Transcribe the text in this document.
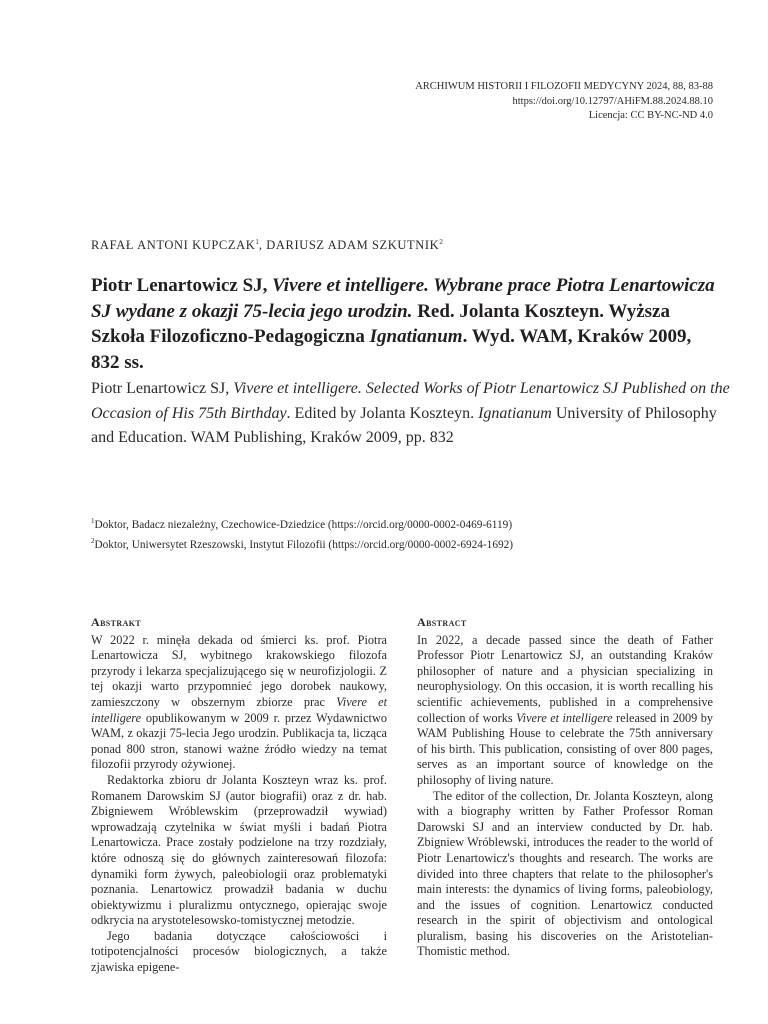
ARCHIWUM HISTORII I FILOZOFII MEDYCYNY 2024, 88, 83-88
https://doi.org/10.12797/AHiFM.88.2024.88.10
Licencja: CC BY-NC-ND 4.0
RAFAŁ ANTONI KUPCZAK$^1$, DARIUSZ ADAM SZKUTNIK$^2$
Piotr Lenartowicz SJ, Vivere et intelligere. Wybrane prace Piotra Lenartowicza SJ wydane z okazji 75-lecia jego urodzin. Red. Jolanta Koszteyn. Wyższa Szkoła Filozoficzno-Pedagogiczna Ignatianum. Wyd. WAM, Kraków 2009, 832 ss.
Piotr Lenartowicz SJ, Vivere et intelligere. Selected Works of Piotr Lenartowicz SJ Published on the Occasion of His 75th Birthday. Edited by Jolanta Koszteyn. Ignatianum University of Philosophy and Education. WAM Publishing, Kraków 2009, pp. 832
$^1$Doktor, Badacz niezależny, Czechowice-Dziedzice (https://orcid.org/0000-0002-0469-6119)
$^2$Doktor, Uniwersytet Rzeszowski, Instytut Filozofii (https://orcid.org/0000-0002-6924-1692)
Abstrakt

W 2022 r. minęła dekada od śmierci ks. prof. Piotra Lenartowicza SJ, wybitnego krakowskiego filozofa przyrody i lekarza specjalizującego się w neurofizjologii. Z tej okazji warto przypomnieć jego dorobek naukowy, zamieszczony w obszernym zbiorze prac Vivere et intelligere opublikowanym w 2009 r. przez Wydawnictwo WAM, z okazji 75-lecia Jego urodzin. Publikacja ta, licząca ponad 800 stron, stanowi ważne źródło wiedzy na temat filozofii przyrody ożywionej.

Redaktorka zbioru dr Jolanta Koszteyn wraz ks. prof. Romanem Darowskim SJ (autor biografii) oraz z dr. hab. Zbigniewem Wróblewskim (przeprowadził wywiad) wprowadzają czytelnika w świat myśli i badań Piotra Lenartowicza. Prace zostały podzielone na trzy rozdziały, które odnoszą się do głównych zainteresowań filozofa: dynamiki form żywych, paleobiologii oraz problematyki poznania. Lenartowicz prowadził badania w duchu obiektywizmu i pluralizmu ontycznego, opierając swoje odkrycia na arystotelesowsko-tomistycznej metodzie.

Jego badania dotyczące całościowości i totipotencjalności procesów biologicznych, a także zjawiska epigene-

Abstract

In 2022, a decade passed since the death of Father Professor Piotr Lenartowicz SJ, an outstanding Kraków philosopher of nature and a physician specializing in neurophysiology. On this occasion, it is worth recalling his scientific achievements, published in a comprehensive collection of works Vivere et intelligere released in 2009 by WAM Publishing House to celebrate the 75th anniversary of his birth. This publication, consisting of over 800 pages, serves as an important source of knowledge on the philosophy of living nature.

The editor of the collection, Dr. Jolanta Koszteyn, along with a biography written by Father Professor Roman Darowski SJ and an interview conducted by Dr. hab. Zbigniew Wróblewski, introduces the reader to the world of Piotr Lenartowicz's thoughts and research. The works are divided into three chapters that relate to the philosopher's main interests: the dynamics of living forms, paleobiology, and the issues of cognition. Lenartowicz conducted research in the spirit of objectivism and ontological pluralism, basing his discoveries on the Aristotelian-Thomistic method.
